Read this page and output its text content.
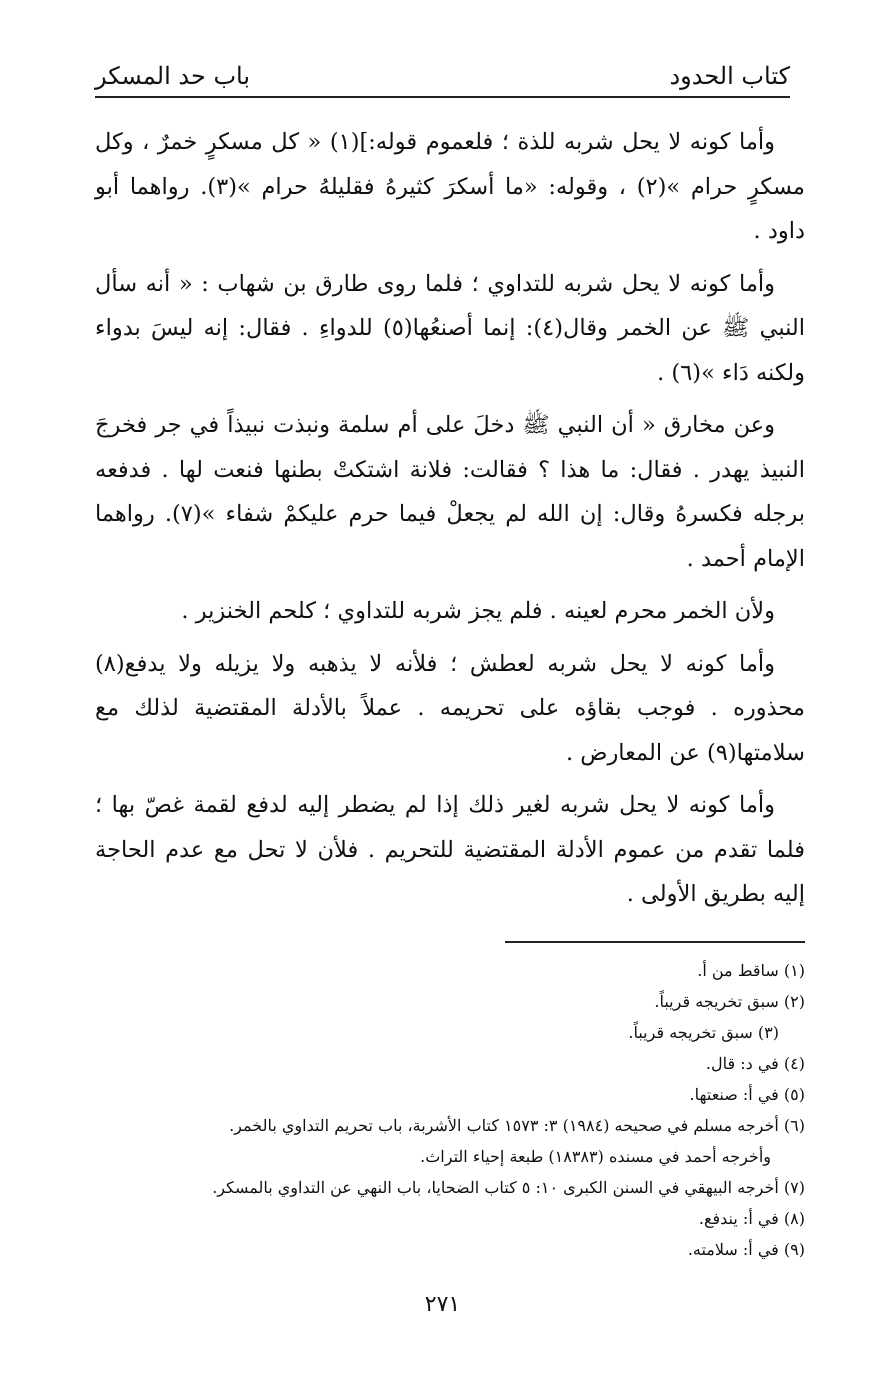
كتاب الحدود
باب حد المسكر

وأما كونه لا يحل شربه للذة ؛ فلعموم قوله:](١) « كل مسكرٍ خمرٌ ، وكل مسكرٍ حرام »(٢) ، وقوله: «ما أسكرَ كثيرهُ فقليلهُ حرام »(٣). رواهما أبو داود .

وأما كونه لا يحل شربه للتداوي ؛ فلما روى طارق بن شهاب : « أنه سأل النبي ﷺ عن الخمر وقال(٤): إنما أصنعُها(٥) للدواءِ . فقال: إنه ليسَ بدواء ولكنه دَاء »(٦) .

وعن مخارق « أن النبي ﷺ دخلَ على أم سلمة ونبذت نبيذاً في جر فخرجَ النبيذ يهدر . فقال: ما هذا ؟ فقالت: فلانة اشتكتْ بطنها فنعت لها . فدفعه برجله فكسرهُ وقال: إن الله لم يجعلْ فيما حرم عليكمْ شفاء »(٧). رواهما الإمام أحمد .

ولأن الخمر محرم لعينه . فلم يجز شربه للتداوي ؛ كلحم الخنزير .

وأما كونه لا يحل شربه لعطش ؛ فلأنه لا يذهبه ولا يزيله ولا يدفع(٨) محذوره . فوجب بقاؤه على تحريمه . عملاً بالأدلة المقتضية لذلك مع سلامتها(٩) عن المعارض .

وأما كونه لا يحل شربه لغير ذلك إذا لم يضطر إليه لدفع لقمة غصّ بها ؛ فلما تقدم من عموم الأدلة المقتضية للتحريم . فلأن لا تحل مع عدم الحاجة إليه بطريق الأولى .

(١) ساقط من أ.
(٢) سبق تخريجه قريباً.
(٣) سبق تخريجه قريباً.
(٤) في د: قال.
(٥) في أ: صنعتها.
(٦) أخرجه مسلم في صحيحه (١٩٨٤) ٣: ١٥٧٣ كتاب الأشربة، باب تحريم التداوي بالخمر.
وأخرجه أحمد في مسنده (١٨٣٨٣) طبعة إحياء التراث.
(٧) أخرجه البيهقي في السنن الكبرى ١٠: ٥ كتاب الضحايا، باب النهي عن التداوي بالمسكر.
(٨) في أ: يندفع.
(٩) في أ: سلامته.
٢٧١
